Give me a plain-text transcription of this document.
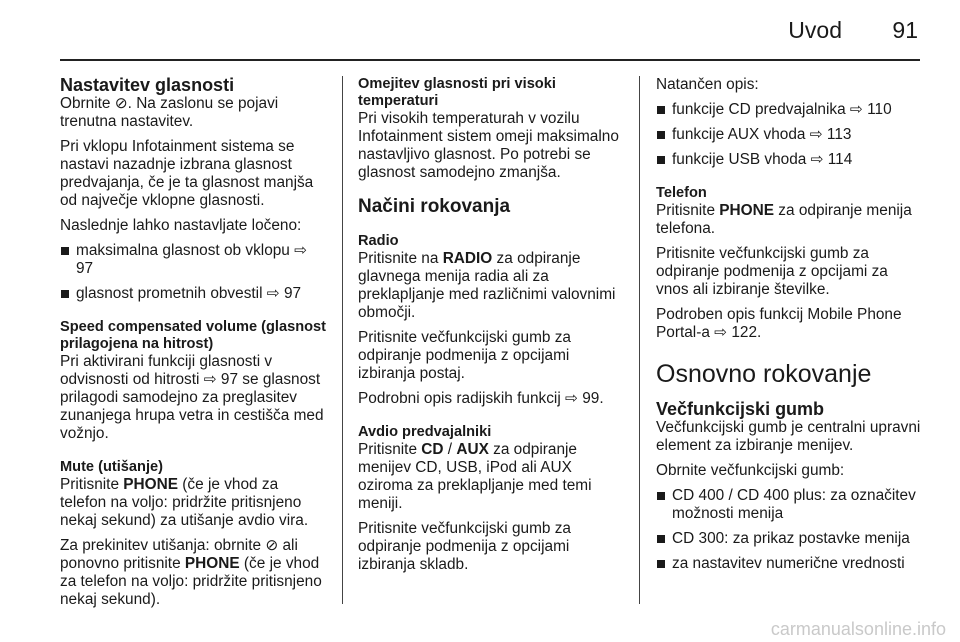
Uvod 91
Nastavitev glasnosti

Obrnite ⊘. Na zaslonu se pojavi trenutna nastavitev.

Pri vklopu Infotainment sistema se nastavi nazadnje izbrana glasnost predvajanja, če je ta glasnost manjša od največje vklopne glasnosti.

Naslednje lahko nastavljate ločeno:

maksimalna glasnost ob vklopu ⇨ 97
glasnost prometnih obvestil ⇨ 97
Speed compensated volume (glasnost prilagojena na hitrost)

Pri aktivirani funkciji glasnosti v odvisnosti od hitrosti ⇨ 97 se glasnost prilagodi samodejno za preglasitev zunanjega hrupa vetra in cestišča med vožnjo.

Mute (utišanje)

Pritisnite PHONE (če je vhod za telefon na voljo: pridržite pritisnjeno nekaj sekund) za utišanje avdio vira.

Za prekinitev utišanja: obrnite ⊘ ali ponovno pritisnite PHONE (če je vhod za telefon na voljo: pridržite pritisnjeno nekaj sekund).

Omejitev glasnosti pri visoki temperaturi

Pri visokih temperaturah v vozilu Infotainment sistem omeji maksimalno nastavljivo glasnost. Po potrebi se glasnost samodejno zmanjša.

Načini rokovanja
Radio

Pritisnite na RADIO za odpiranje glavnega menija radia ali za preklapljanje med različnimi valovnimi območji.

Pritisnite večfunkcijski gumb za odpiranje podmenija z opcijami izbiranja postaj.

Podrobni opis radijskih funkcij ⇨ 99.

Avdio predvajalniki

Pritisnite CD / AUX za odpiranje menijev CD, USB, iPod ali AUX oziroma za preklapljanje med temi meniji.

Pritisnite večfunkcijski gumb za odpiranje podmenija z opcijami izbiranja skladb.

Natančen opis:

funkcije CD predvajalnika ⇨ 110
funkcije AUX vhoda ⇨ 113
funkcije USB vhoda ⇨ 114
Telefon

Pritisnite PHONE za odpiranje menija telefona.

Pritisnite večfunkcijski gumb za odpiranje podmenija z opcijami za vnos ali izbiranje številke.

Podroben opis funkcij Mobile Phone Portal-a ⇨ 122.

Osnovno rokovanje
Večfunkcijski gumb

Večfunkcijski gumb je centralni upravni element za izbiranje menijev.

Obrnite večfunkcijski gumb:

CD 400 / CD 400 plus: za označitev možnosti menija
CD 300: za prikaz postavke menija
za nastavitev numerične vrednosti
carmanualsonline.info
